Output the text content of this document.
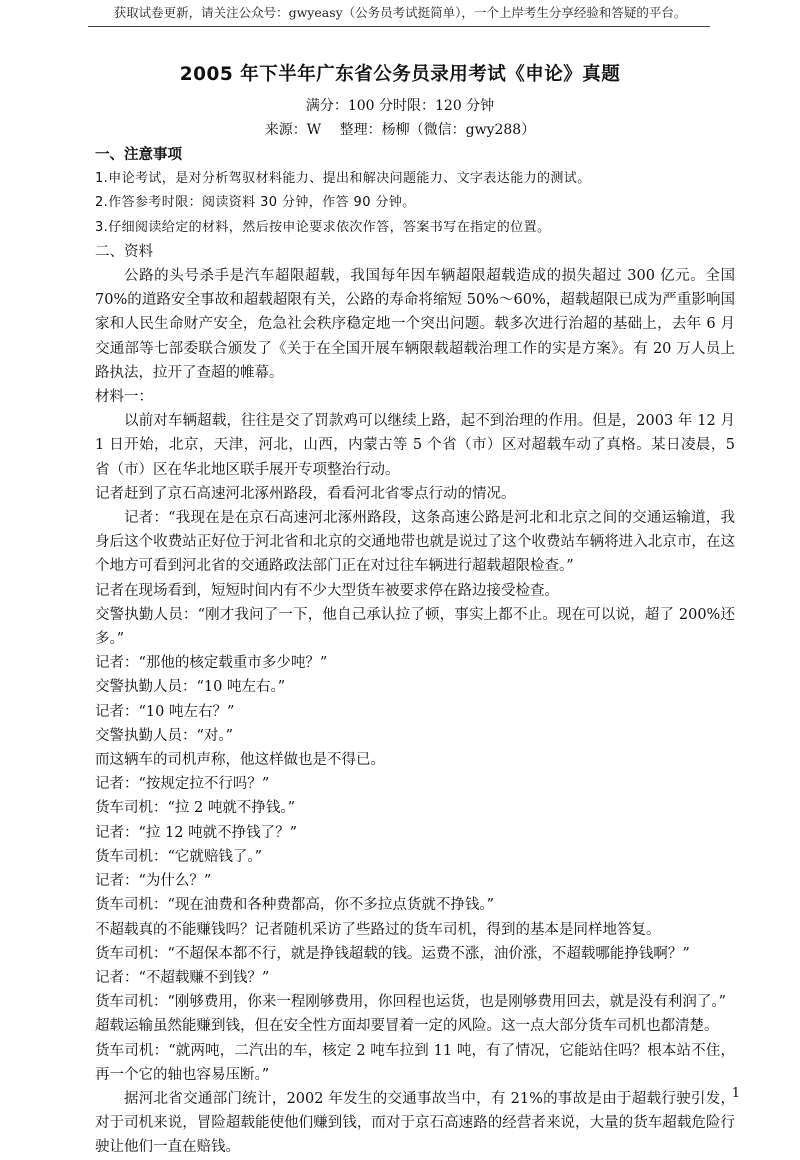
获取试卷更新，请关注公众号：gwyeasy（公务员考试挺简单），一个上岸考生分享经验和答疑的平台。
2005 年下半年广东省公务员录用考试《申论》真题
满分：100 分时限：120 分钟
来源：W　 整理：杨柳（微信：gwy288）

一、注意事项

1.申论考试，是对分析驾驭材料能力、提出和解决问题能力、文字表达能力的测试。

2.作答参考时限：阅读资料 30 分钟，作答 90 分钟。

3.仔细阅读给定的材料，然后按申论要求依次作答，答案书写在指定的位置。

二、资料

公路的头号杀手是汽车超限超载，我国每年因车辆超限超载造成的损失超过 300 亿元。全国 70%的道路安全事故和超载超限有关，公路的寿命将缩短 50%～60%，超载超限已成为严重影响国家和人民生命财产安全，危急社会秩序稳定地一个突出问题。载多次进行治超的基础上，去年 6 月交通部等七部委联合颁发了《关于在全国开展车辆限载超载治理工作的实是方案》。有 20 万人员上路执法，拉开了查超的帷幕。

材料一：

以前对车辆超载，往往是交了罚款鸡可以继续上路，起不到治理的作用。但是，2003 年 12 月 1 日开始，北京，天津，河北，山西，内蒙古等 5 个省（市）区对超载车动了真格。某日凌晨，5 省（市）区在华北地区联手展开专项整治行动。

记者赶到了京石高速河北涿州路段，看看河北省零点行动的情况。

记者：“我现在是在京石高速河北涿州路段，这条高速公路是河北和北京之间的交通运输道，我身后这个收费站正好位于河北省和北京的交通地带也就是说过了这个收费站车辆将进入北京市，在这个地方可看到河北省的交通路政法部门正在对过往车辆进行超载超限检查。”

记者在现场看到，短短时间内有不少大型货车被要求停在路边接受检查。

交警执勤人员：“刚才我问了一下，他自己承认拉了顿，事实上都不止。现在可以说，超了 200%还多。”

记者：“那他的核定载重市多少吨？”

交警执勤人员：“10 吨左右。”

记者：“10 吨左右？”

交警执勤人员：“对。”

而这辆车的司机声称，他这样做也是不得已。

记者：“按规定拉不行吗？”

货车司机：“拉 2 吨就不挣钱。”

记者：“拉 12 吨就不挣钱了？”

货车司机：“它就赔钱了。”

记者：“为什么？”

货车司机：“现在油费和各种费都高，你不多拉点货就不挣钱。”

不超载真的不能赚钱吗？记者随机采访了些路过的货车司机，得到的基本是同样地答复。

货车司机：“不超保本都不行，就是挣钱超载的钱。运费不涨，油价涨，不超载哪能挣钱啊？”

记者：“不超载赚不到钱？”

货车司机：“刚够费用，你来一程刚够费用，你回程也运货，也是刚够费用回去，就是没有利润了。”

超载运输虽然能赚到钱，但在安全性方面却要冒着一定的风险。这一点大部分货车司机也都清楚。

货车司机：“就两吨，二汽出的车，核定 2 吨车拉到 11 吨，有了情况，它能站住吗？根本站不住，再一个它的轴也容易压断。”

据河北省交通部门统计，2002 年发生的交通事故当中，有 21%的事故是由于超载行驶引发，对于司机来说，冒险超载能使他们赚到钱，而对于京石高速路的经营者来说，大量的货车超载危险行驶让他们一直在赔钱。

1
